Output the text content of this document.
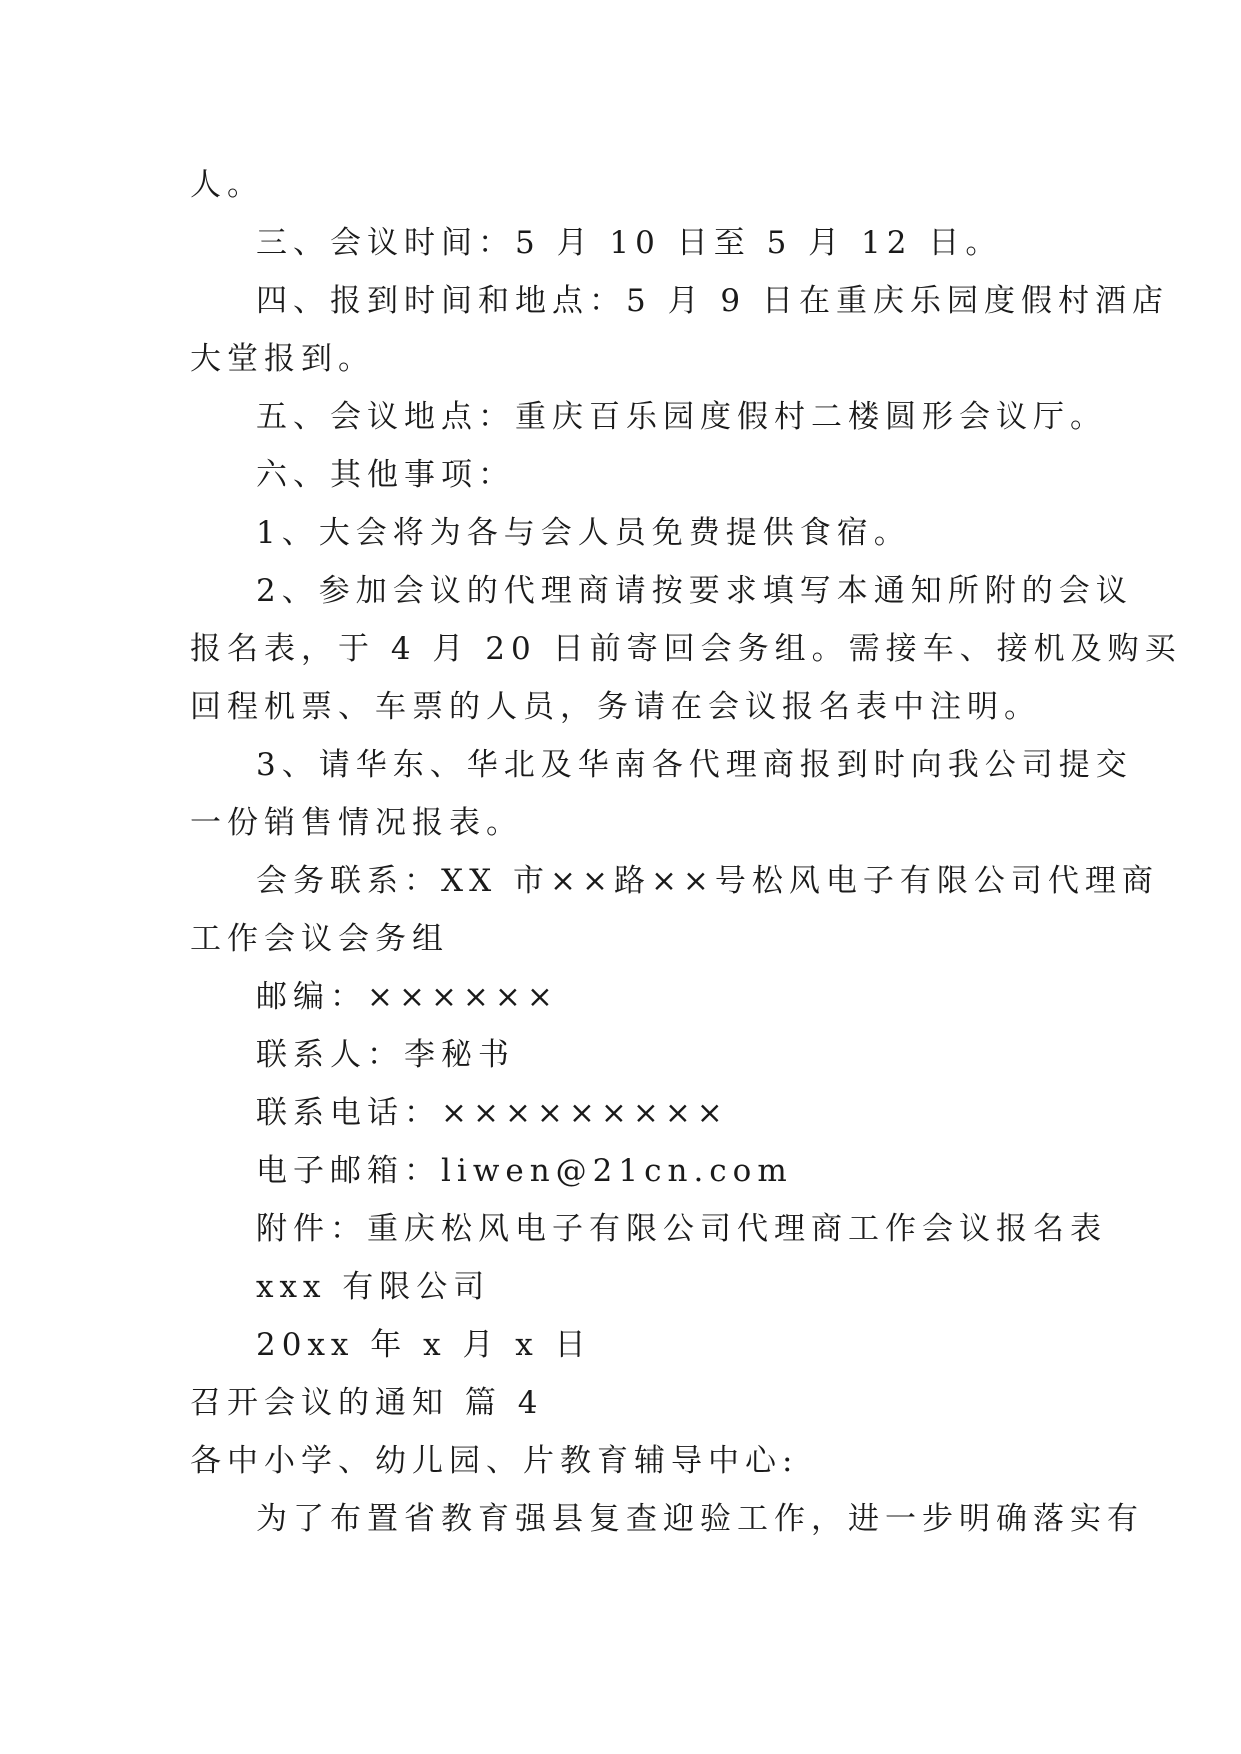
人。
三、会议时间：5 月 10 日至 5 月 12 日。
四、报到时间和地点：5 月 9 日在重庆乐园度假村酒店
大堂报到。
五、会议地点：重庆百乐园度假村二楼圆形会议厅。
六、其他事项：
1、大会将为各与会人员免费提供食宿。
2、参加会议的代理商请按要求填写本通知所附的会议
报名表，于 4 月 20 日前寄回会务组。需接车、接机及购买
回程机票、车票的人员，务请在会议报名表中注明。
3、请华东、华北及华南各代理商报到时向我公司提交
一份销售情况报表。
会务联系：XX 市××路××号松风电子有限公司代理商
工作会议会务组
邮编：××××××
联系人：李秘书
联系电话：×××××××××
电子邮箱：liwen@21cn.com
附件：重庆松风电子有限公司代理商工作会议报名表
xxx 有限公司
20xx 年 x 月 x 日
召开会议的通知 篇 4
各中小学、幼儿园、片教育辅导中心:
为了布置省教育强县复查迎验工作，进一步明确落实有
